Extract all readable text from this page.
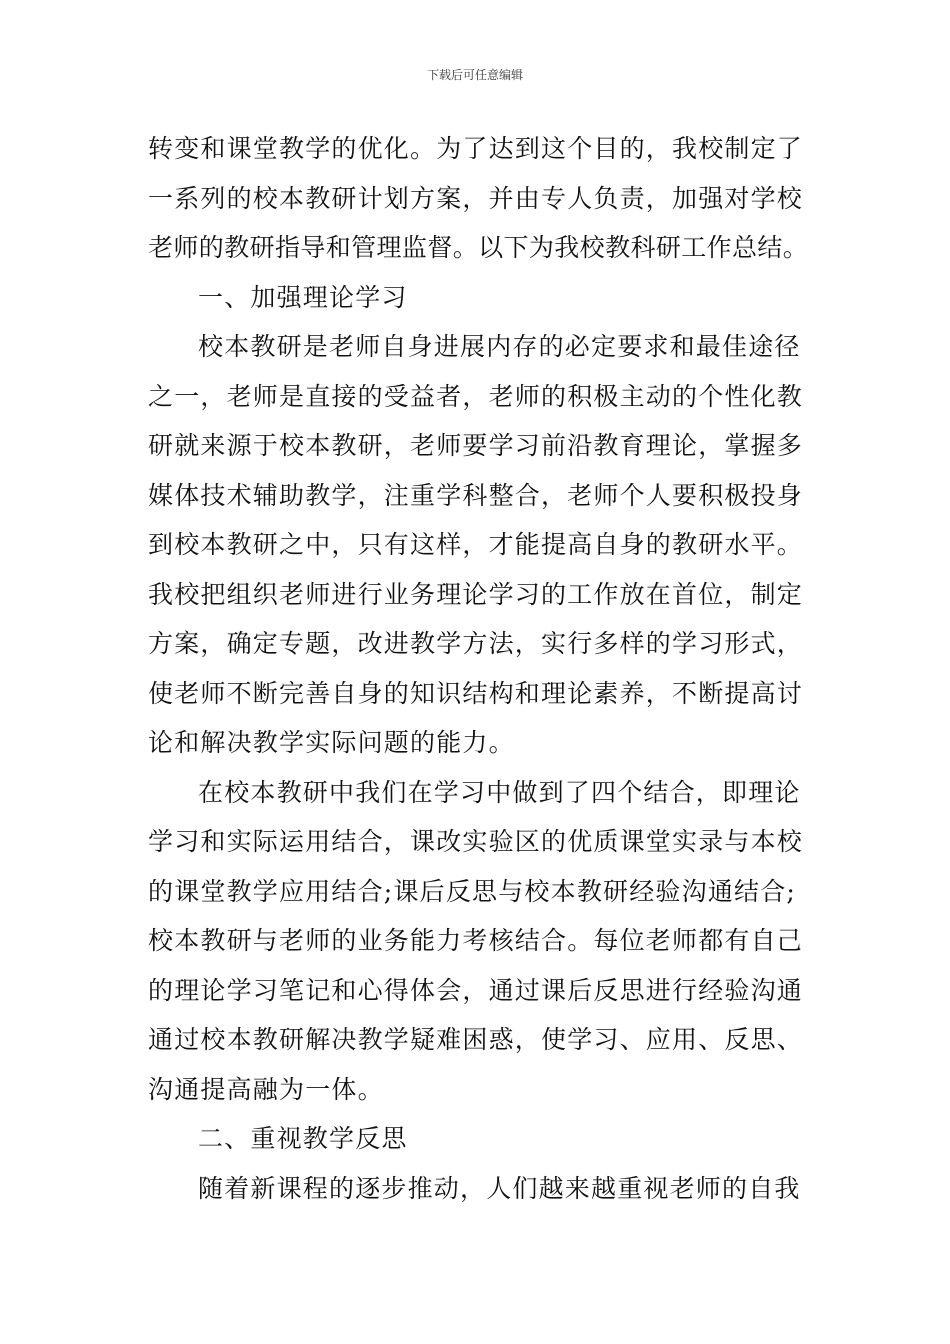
下载后可任意编辑
转变和课堂教学的优化。为了达到这个目的，我校制定了
一系列的校本教研计划方案，并由专人负责，加强对学校
老师的教研指导和管理监督。以下为我校教科研工作总结。
一、加强理论学习
校本教研是老师自身进展内存的必定要求和最佳途径
之一，老师是直接的受益者，老师的积极主动的个性化教
研就来源于校本教研，老师要学习前沿教育理论，掌握多
媒体技术辅助教学，注重学科整合，老师个人要积极投身
到校本教研之中，只有这样，才能提高自身的教研水平。
我校把组织老师进行业务理论学习的工作放在首位，制定
方案，确定专题，改进教学方法，实行多样的学习形式，
使老师不断完善自身的知识结构和理论素养，不断提高讨
论和解决教学实际问题的能力。
在校本教研中我们在学习中做到了四个结合，即理论
学习和实际运用结合，课改实验区的优质课堂实录与本校
的课堂教学应用结合;课后反思与校本教研经验沟通结合;
校本教研与老师的业务能力考核结合。每位老师都有自己
的理论学习笔记和心得体会，通过课后反思进行经验沟通
通过校本教研解决教学疑难困惑，使学习、应用、反思、
沟通提高融为一体。
二、重视教学反思
随着新课程的逐步推动，人们越来越重视老师的自我
